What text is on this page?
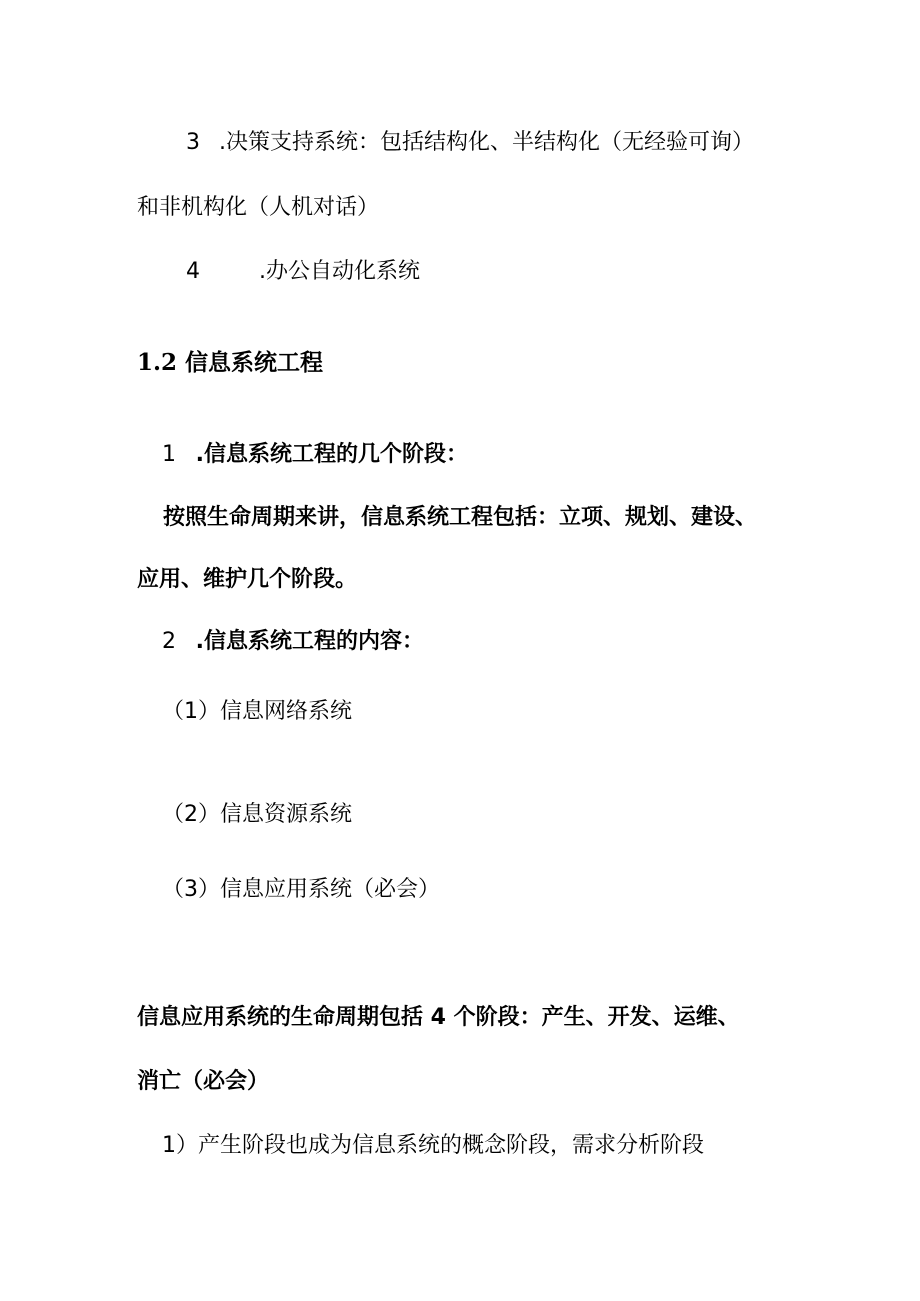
3 .决策支持系统：包括结构化、半结构化（无经验可询）
和非机构化（人机对话）
4	.办公自动化系统
1.2 信息系统工程
1 .信息系统工程的几个阶段：
按照生命周期来讲，信息系统工程包括：立项、规划、建设、
应用、维护几个阶段。
2 .信息系统工程的内容：
（1）信息网络系统
（2）信息资源系统
（3）信息应用系统（必会）
信息应用系统的生命周期包括 4 个阶段：产生、开发、运维、
消亡（必会）
1）产生阶段也成为信息系统的概念阶段，需求分析阶段
